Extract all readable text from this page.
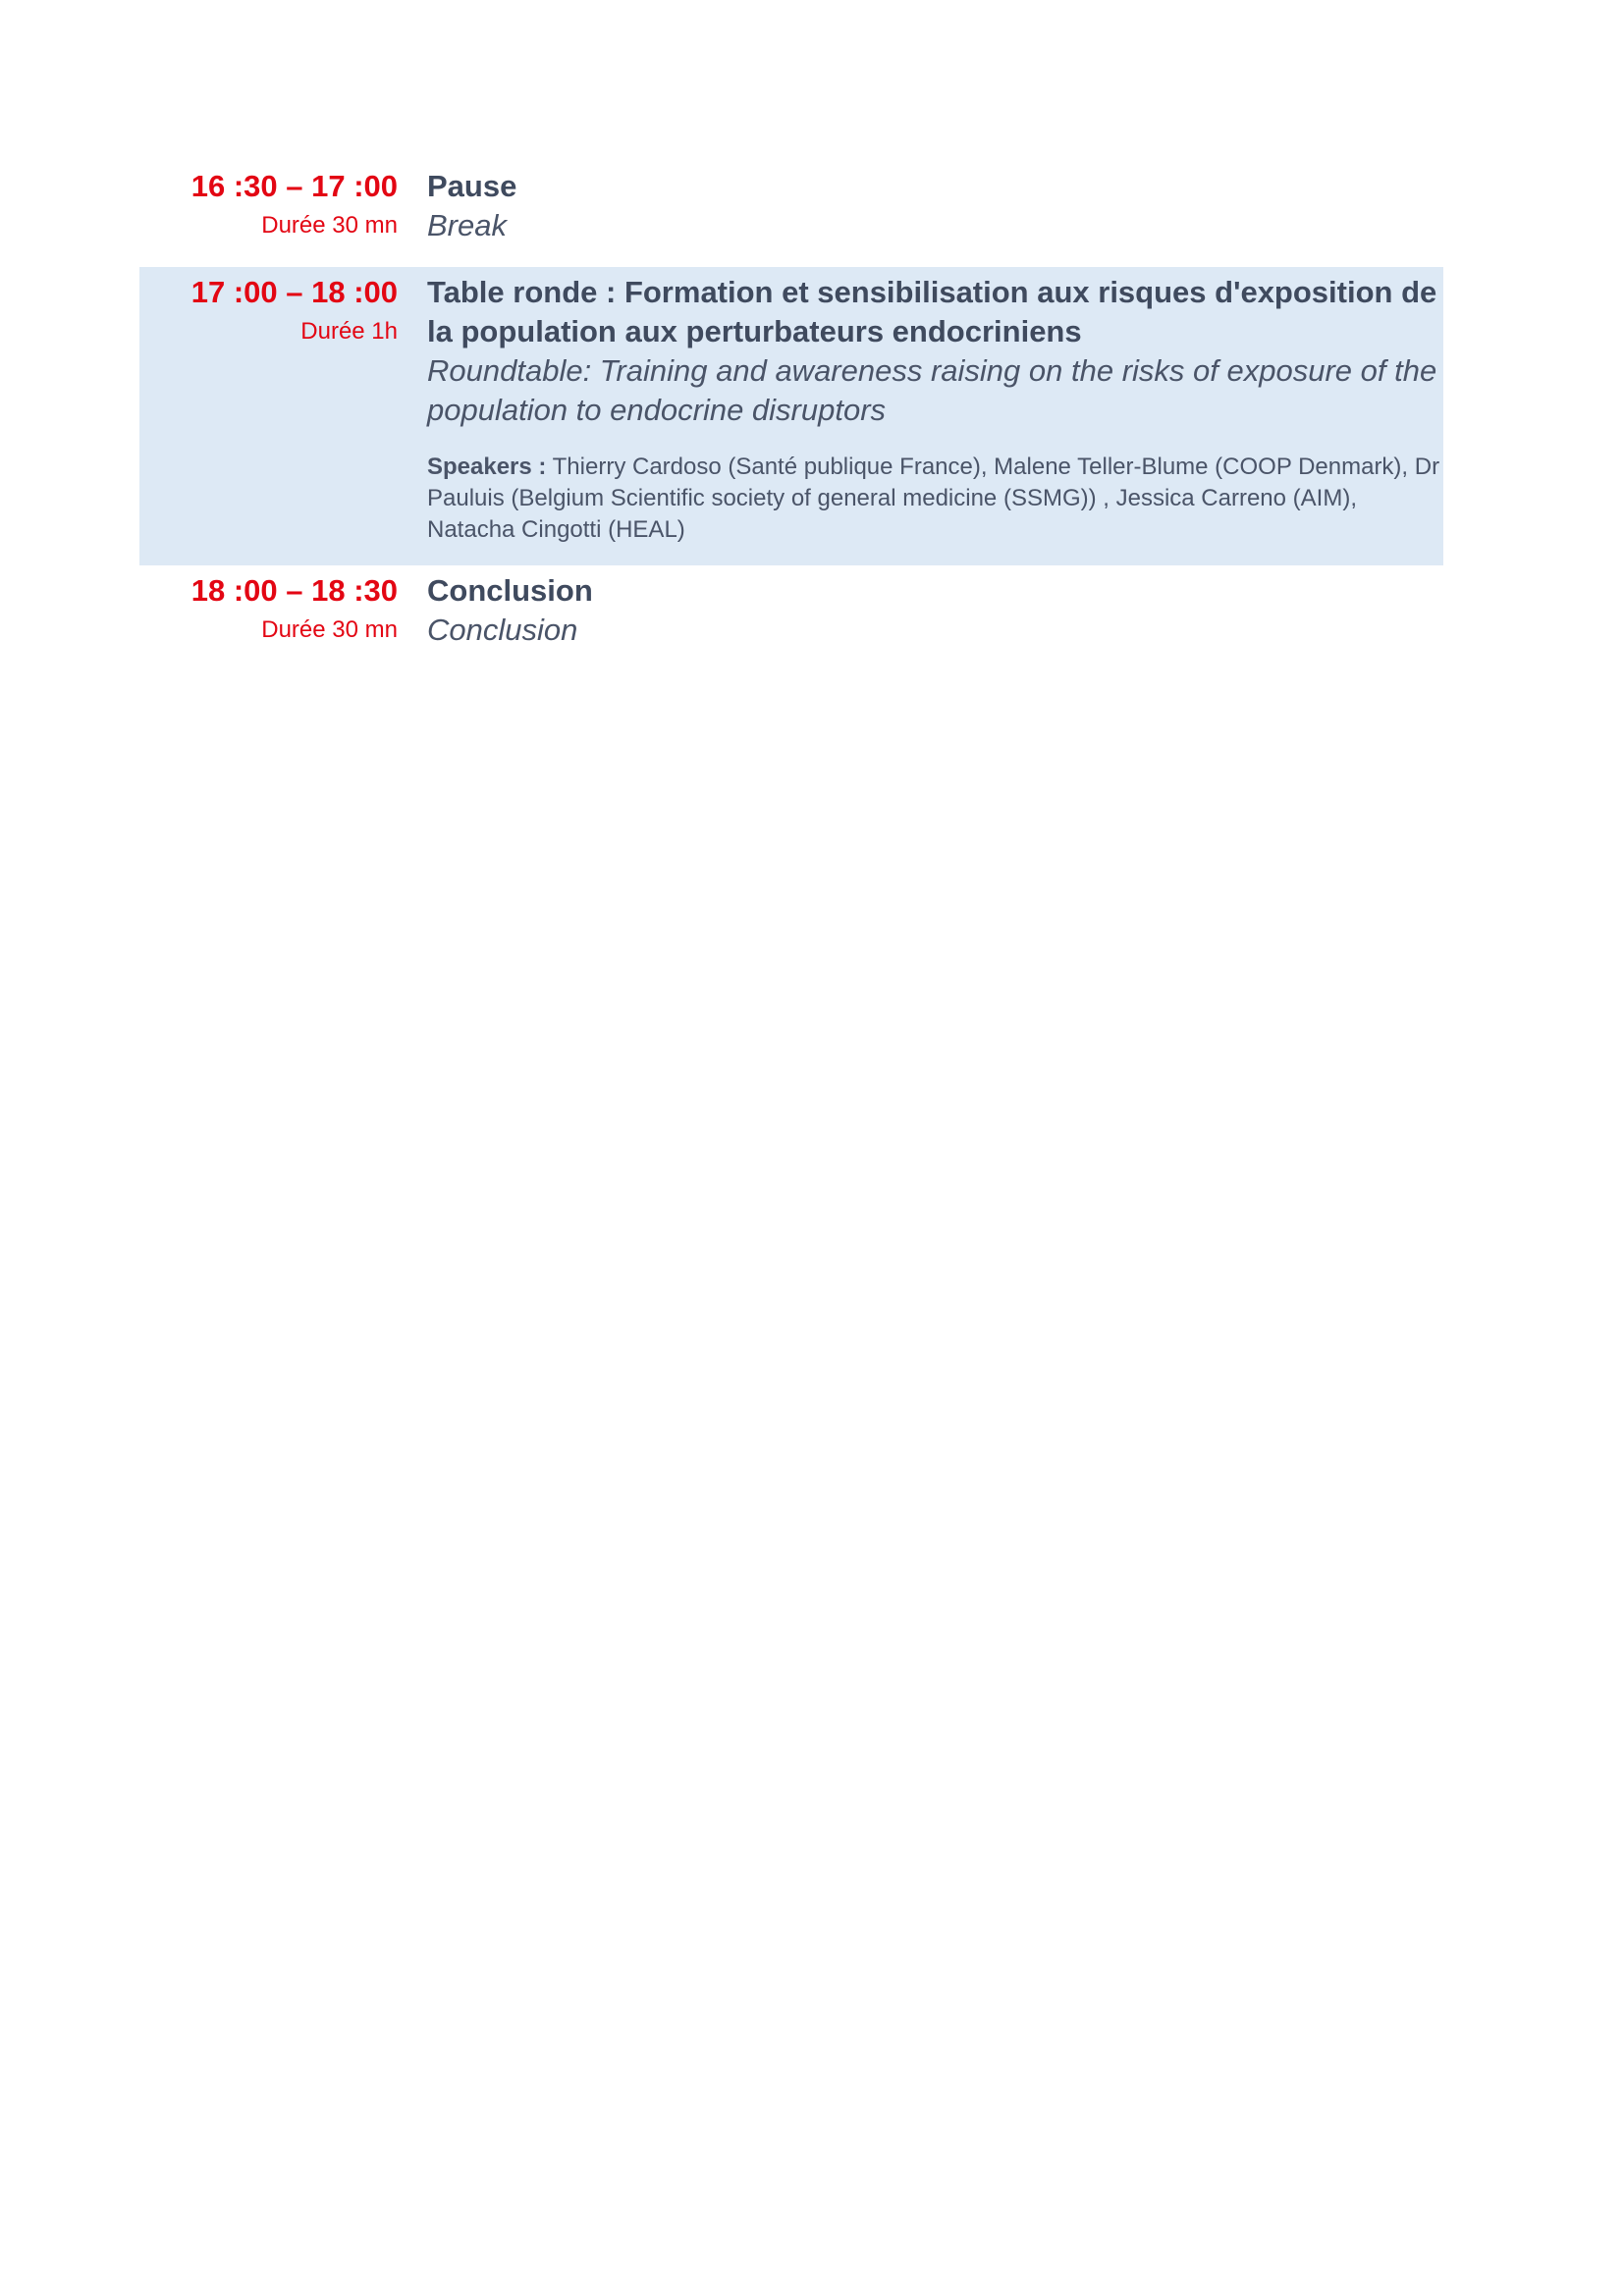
16 :30 – 17 :00
Durée 30 mn
Pause
Break
17 :00 – 18 :00
Durée 1h
Table ronde : Formation et sensibilisation aux risques d'exposition de la population aux perturbateurs endocriniens
Roundtable: Training and awareness raising on the risks of exposure of the population to endocrine disruptors
Speakers : Thierry Cardoso (Santé publique France), Malene Teller-Blume (COOP Denmark), Dr Pauluis (Belgium Scientific society of general medicine (SSMG)) , Jessica Carreno (AIM), Natacha Cingotti (HEAL)
18 :00 – 18 :30
Durée 30 mn
Conclusion
Conclusion
